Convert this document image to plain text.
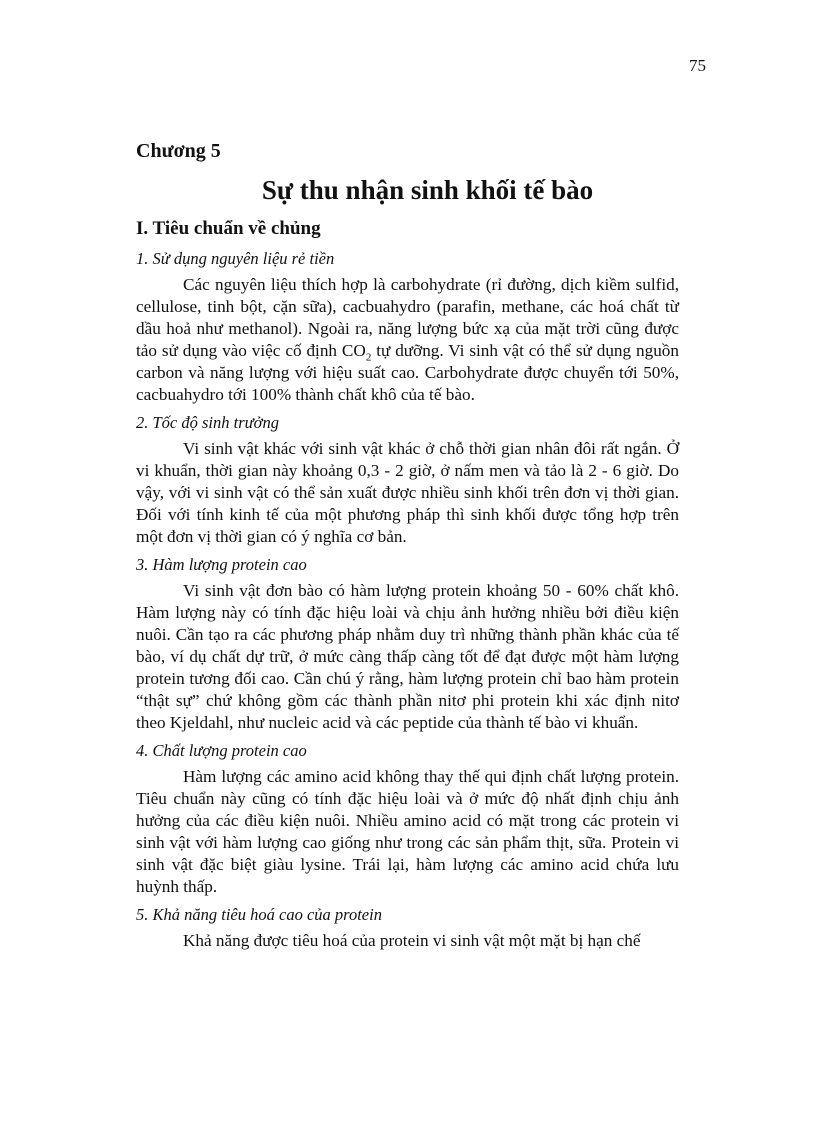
75
Chương 5
Sự thu nhận sinh khối tế bào
I. Tiêu chuẩn về chủng
1. Sử dụng nguyên liệu rẻ tiền

Các nguyên liệu thích hợp là carbohydrate (rỉ đường, dịch kiềm sulfid, cellulose, tinh bột, cặn sữa), cacbuahydro (parafin, methane, các hoá chất từ dầu hoả như methanol). Ngoài ra, năng lượng bức xạ của mặt trời cũng được tảo sử dụng vào việc cố định $CO_2$ tự dưỡng. Vi sinh vật có thể sử dụng nguồn carbon và năng lượng với hiệu suất cao. Carbohydrate được chuyển tới 50%, cacbuahydro tới 100% thành chất khô của tế bào.

2. Tốc độ sinh trưởng

Vi sinh vật khác với sinh vật khác ở chỗ thời gian nhân đôi rất ngắn. Ở vi khuẩn, thời gian này khoảng 0,3 - 2 giờ, ở nấm men và tảo là 2 - 6 giờ. Do vậy, với vi sinh vật có thể sản xuất được nhiều sinh khối trên đơn vị thời gian. Đối với tính kinh tế của một phương pháp thì sinh khối được tổng hợp trên một đơn vị thời gian có ý nghĩa cơ bản.

3. Hàm lượng protein cao

Vi sinh vật đơn bào có hàm lượng protein khoảng 50 - 60% chất khô. Hàm lượng này có tính đặc hiệu loài và chịu ảnh hưởng nhiều bởi điều kiện nuôi. Cần tạo ra các phương pháp nhằm duy trì những thành phần khác của tế bào, ví dụ chất dự trữ, ở mức càng thấp càng tốt để đạt được một hàm lượng protein tương đối cao. Cần chú ý rằng, hàm lượng protein chỉ bao hàm protein “thật sự” chứ không gồm các thành phần nitơ phi protein khi xác định nitơ theo Kjeldahl, như nucleic acid và các peptide của thành tế bào vi khuẩn.

4. Chất lượng protein cao

Hàm lượng các amino acid không thay thế qui định chất lượng protein. Tiêu chuẩn này cũng có tính đặc hiệu loài và ở mức độ nhất định chịu ảnh hưởng của các điều kiện nuôi. Nhiều amino acid có mặt trong các protein vi sinh vật với hàm lượng cao giống như trong các sản phẩm thịt, sữa. Protein vi sinh vật đặc biệt giàu lysine. Trái lại, hàm lượng các amino acid chứa lưu huỳnh thấp.

5. Khả năng tiêu hoá cao của protein

Khả năng được tiêu hoá của protein vi sinh vật một mặt bị hạn chế
